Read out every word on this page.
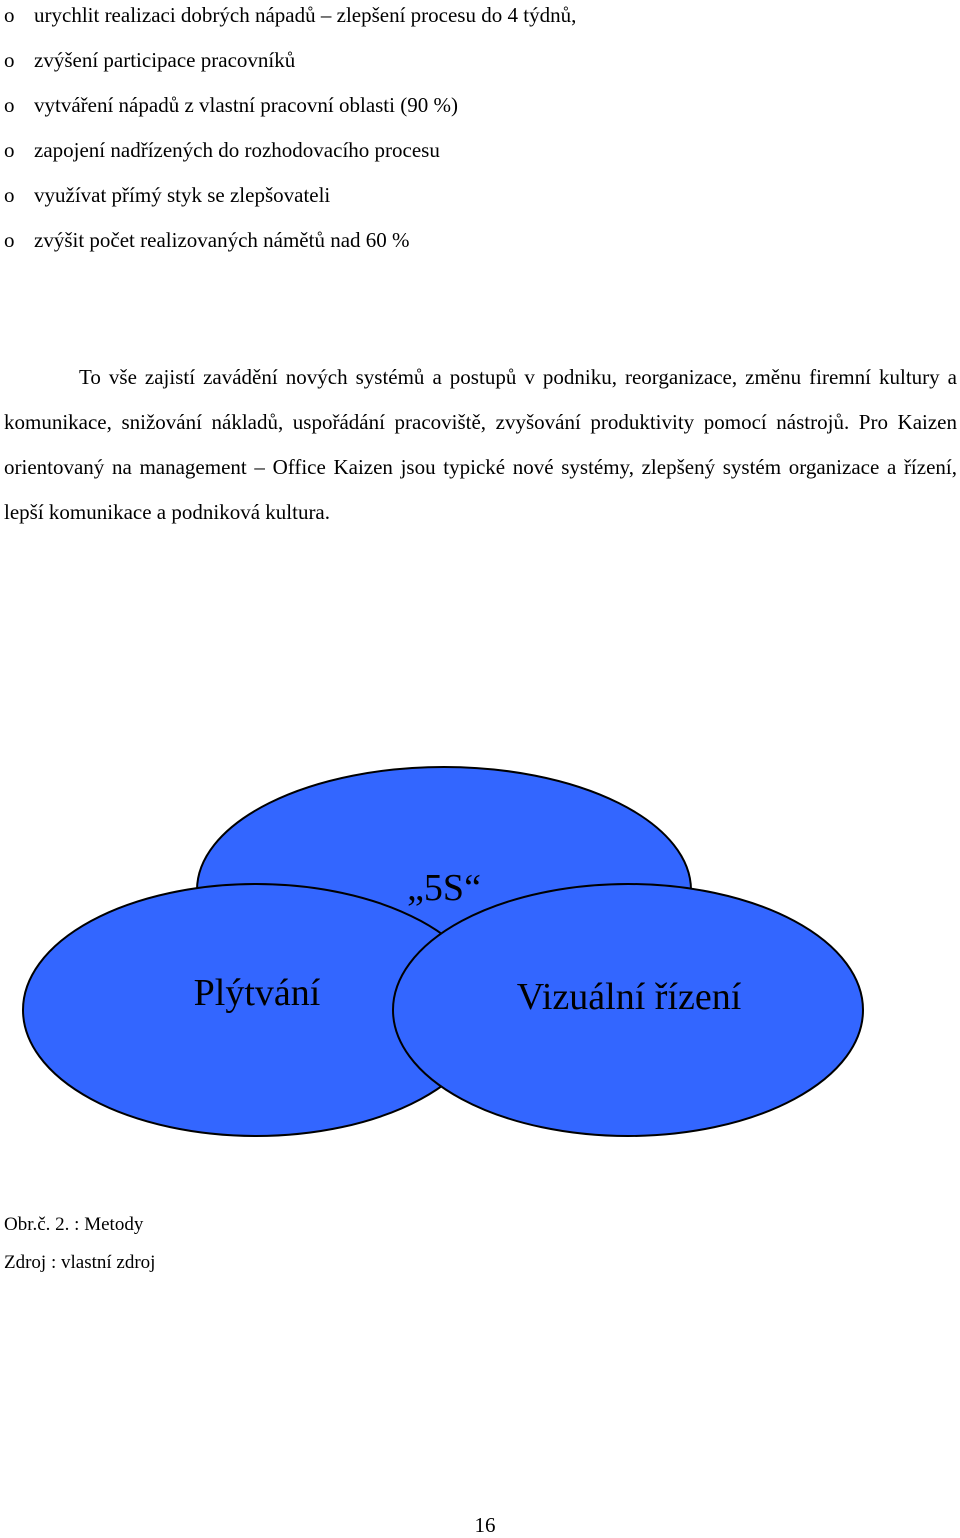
o urychlit realizaci dobrých nápadů – zlepšení procesu do 4 týdnů,
o zvýšení participace pracovníků
o vytváření nápadů z vlastní pracovní oblasti (90 %)
o zapojení nadřízených do rozhodovacího procesu
o využívat přímý styk se zlepšovateli
o zvýšit počet realizovaných námětů nad 60 %

To vše zajistí zavádění nových systémů a postupů v podniku, reorganizace, změnu firemní kultury a komunikace, snižování nákladů, uspořádání pracoviště, zvyšování produktivity pomocí nástrojů. Pro Kaizen orientovaný na management – Office Kaizen jsou typické nové systémy, zlepšený systém organizace a řízení, lepší komunikace a podniková kultura.

„5S“
Plýtvání	Vizuální řízení
Obr.č. 2. : Metody
Zdroj : vlastní zdroj
16
